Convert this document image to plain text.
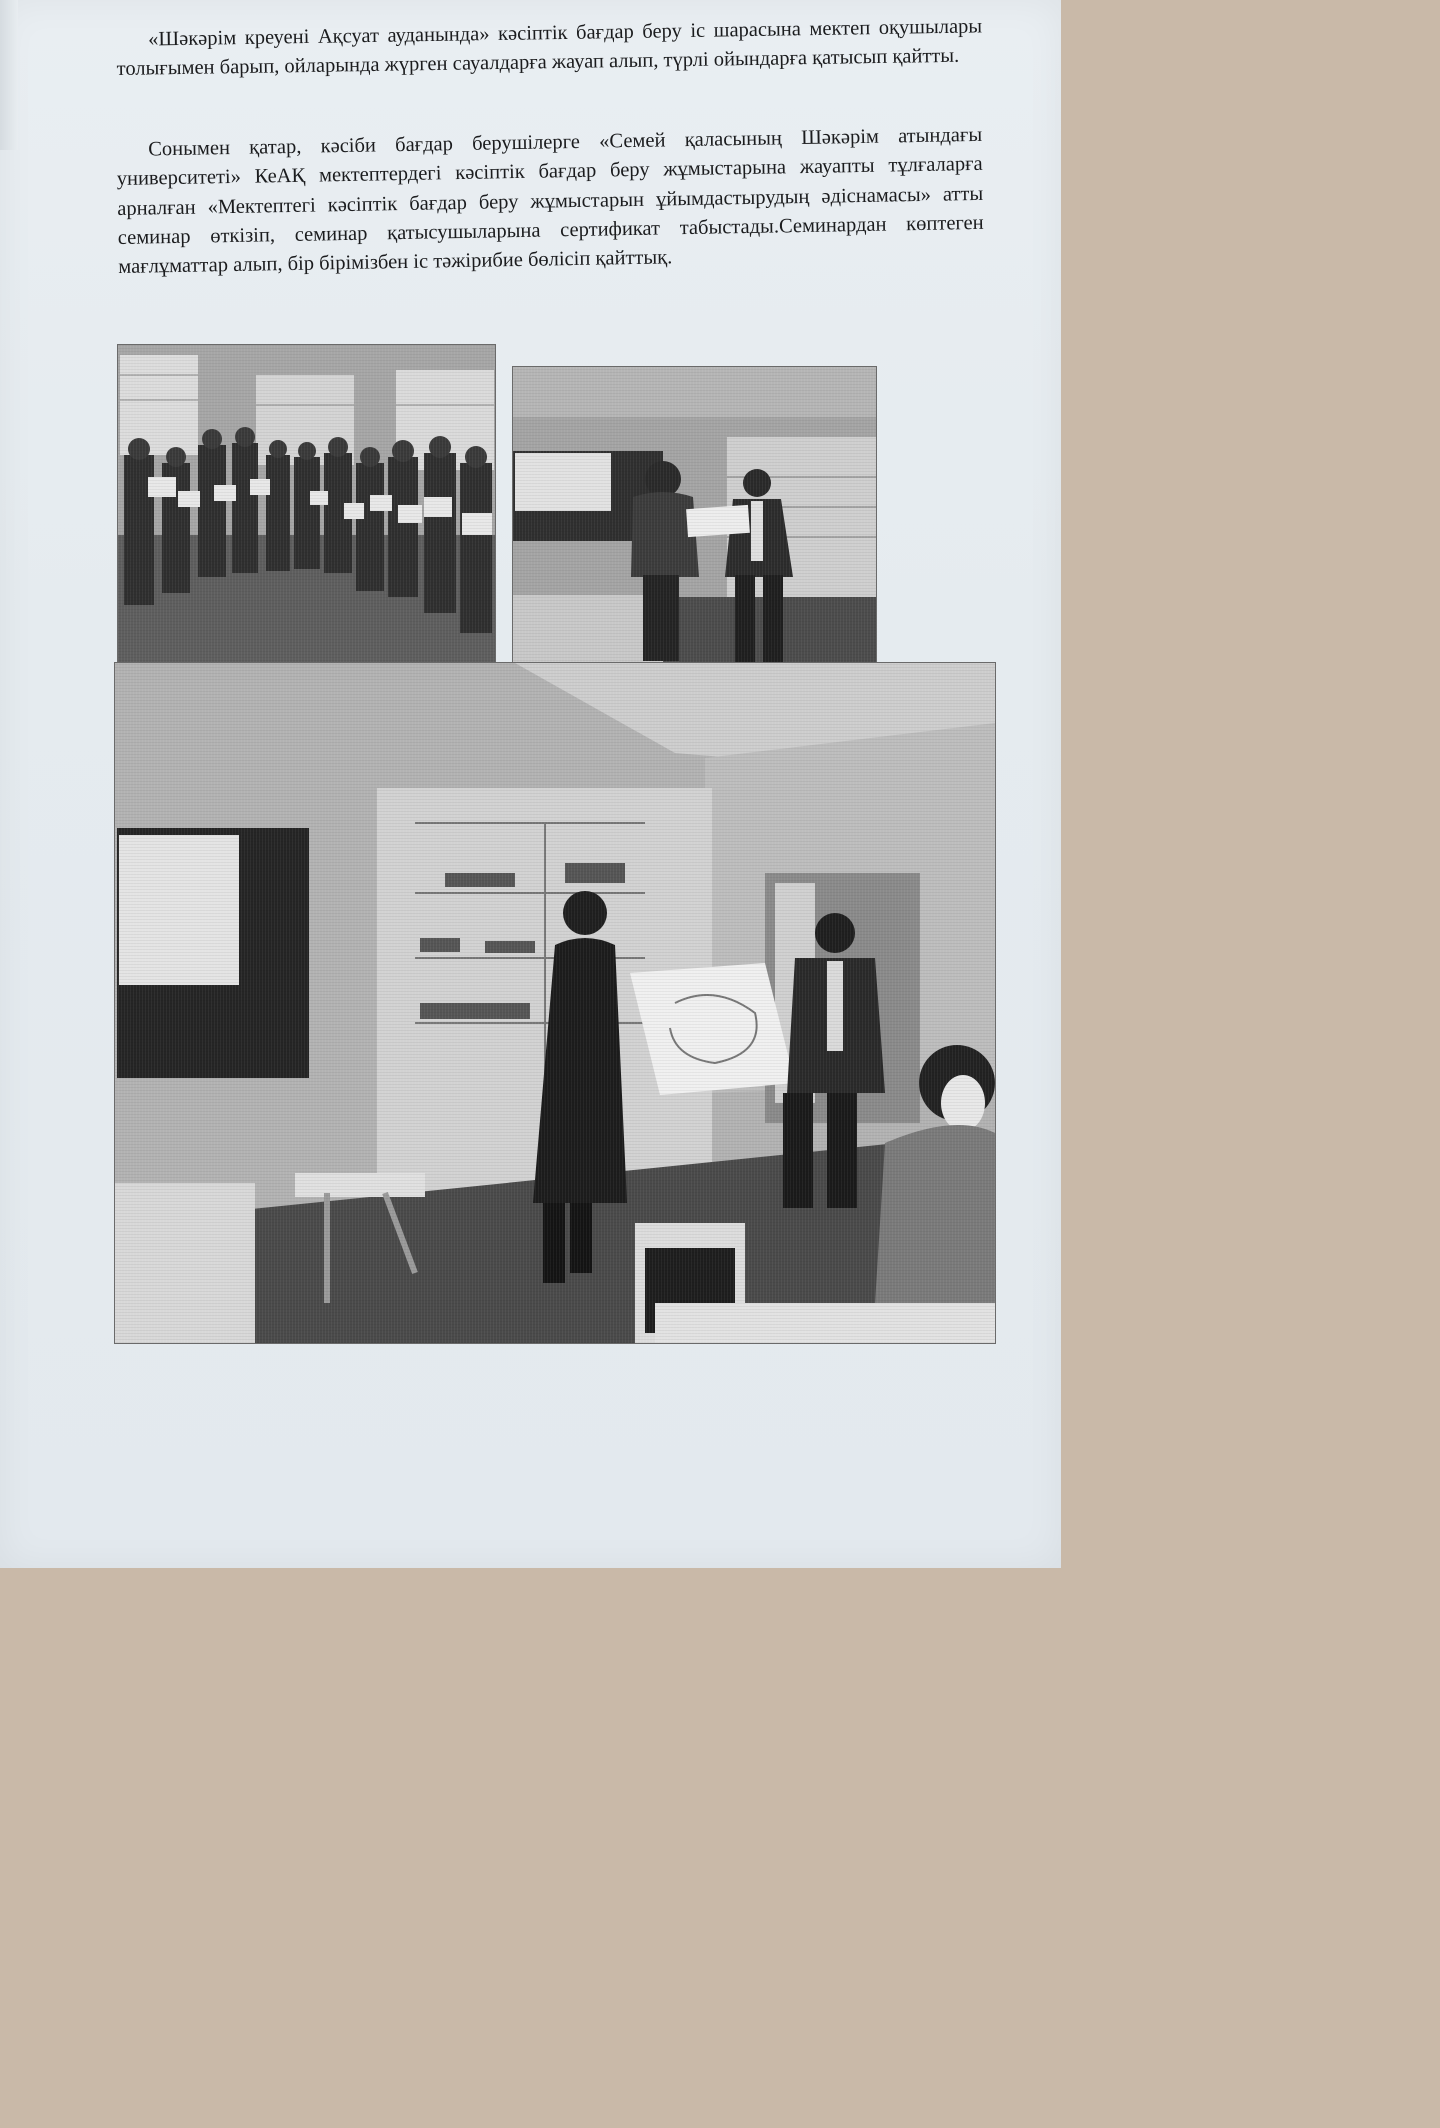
«Шәкәрім креуені Ақсуат ауданында» кәсіптік бағдар беру іс шарасына мектеп оқушылары толығымен барып, ойларында жүрген сауалдарға жауап алып, түрлі ойындарға қатысып қайтты.

Сонымен қатар, кәсіби бағдар берушілерге «Семей қаласының Шәкәрім атындағы университеті» КеАҚ мектептердегі кәсіптік бағдар беру жұмыстарына жауапты тұлғаларға арналған «Мектептегі кәсіптік бағдар беру жұмыстарын ұйымдастырудың әдіснамасы» атты семинар өткізіп, семинар қатысушыларына сертификат табыстады.Семинардан көптеген мағлұматтар алып, бір бірімізбен іс тәжірибие бөлісіп қайттық.
